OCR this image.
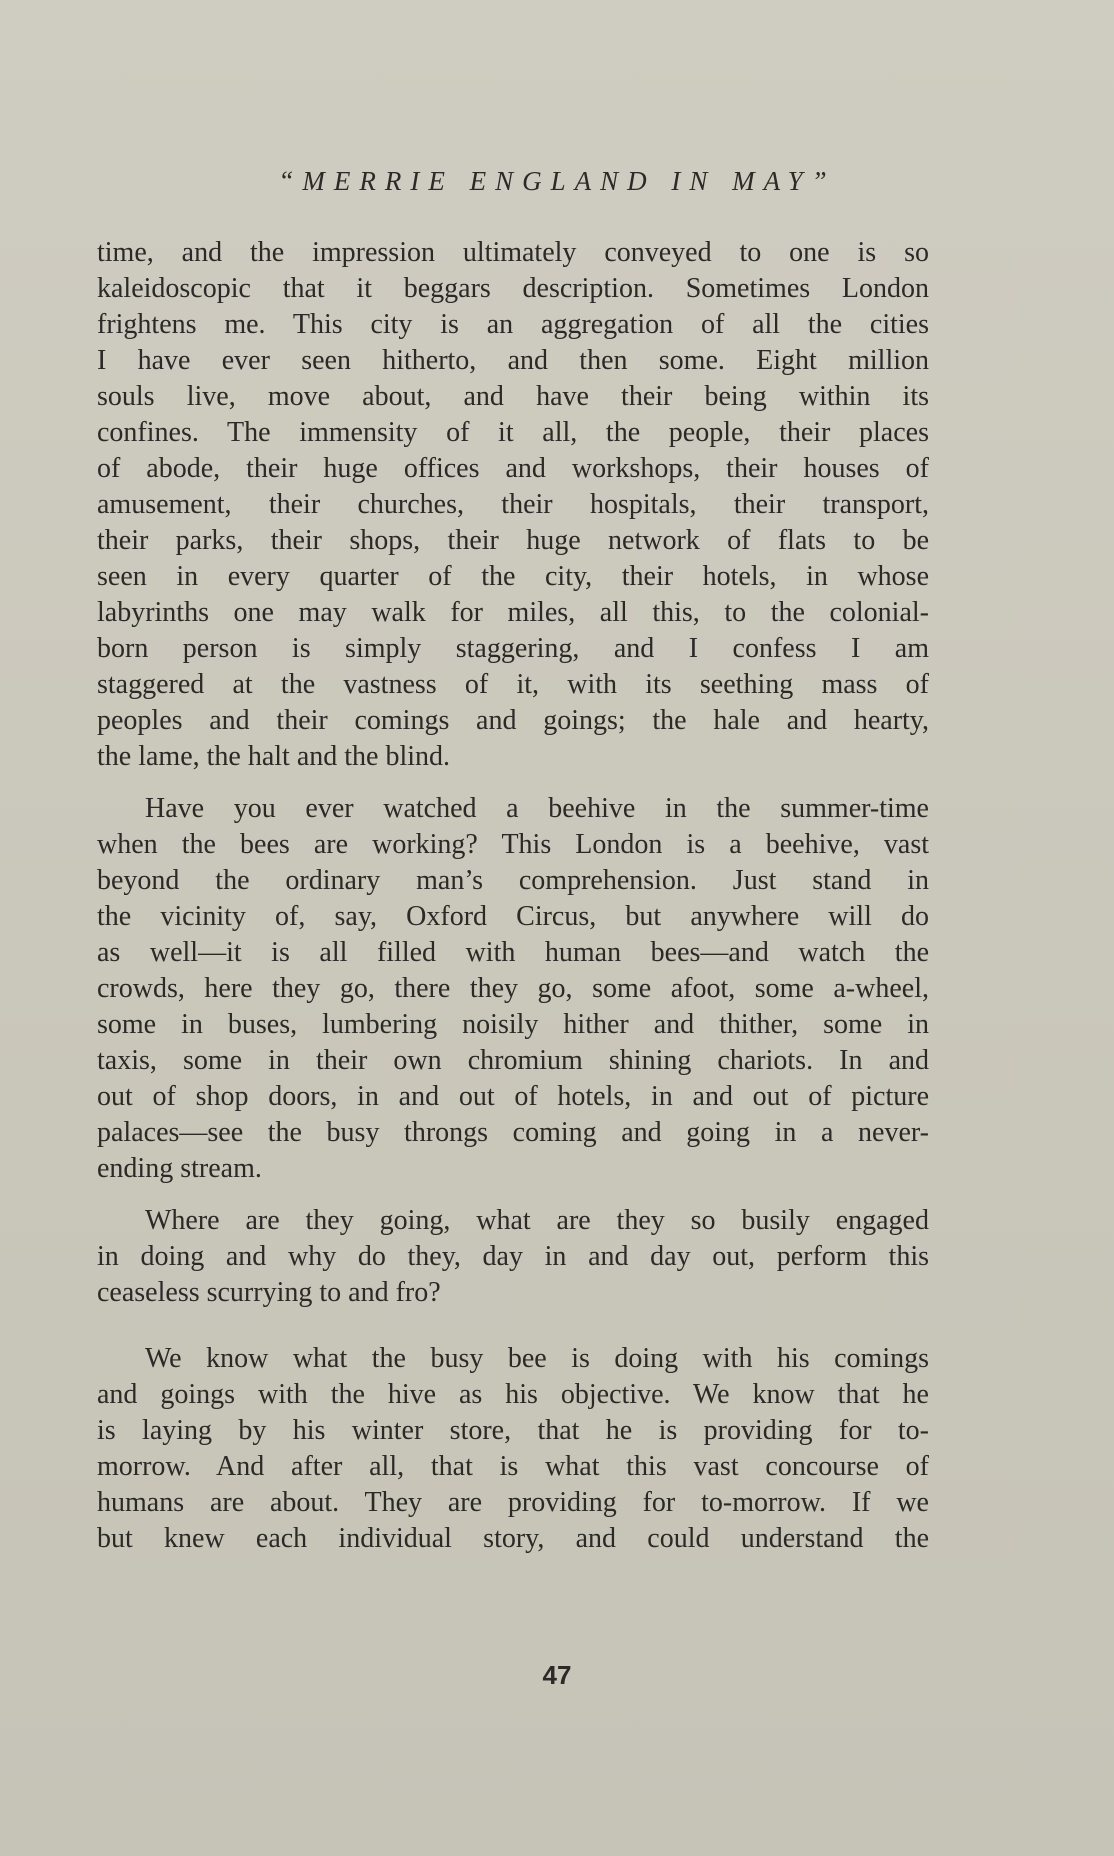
“MERRIE ENGLAND IN MAY”
time, and the impression ultimately conveyed to one is so
kaleidoscopic that it beggars description. Sometimes London
frightens me. This city is an aggregation of all the cities
I have ever seen hitherto, and then some. Eight million
souls live, move about, and have their being within its
confines. The immensity of it all, the people, their places
of abode, their huge offices and workshops, their houses of
amusement, their churches, their hospitals, their transport,
their parks, their shops, their huge network of flats to be
seen in every quarter of the city, their hotels, in whose
labyrinths one may walk for miles, all this, to the colonial-
born person is simply staggering, and I confess I am
staggered at the vastness of it, with its seething mass of
peoples and their comings and goings; the hale and hearty,
the lame, the halt and the blind.
Have you ever watched a beehive in the summer-time
when the bees are working? This London is a beehive, vast
beyond the ordinary man’s comprehension. Just stand in
the vicinity of, say, Oxford Circus, but anywhere will do
as well—it is all filled with human bees—and watch the
crowds, here they go, there they go, some afoot, some a-wheel,
some in buses, lumbering noisily hither and thither, some in
taxis, some in their own chromium shining chariots. In and
out of shop doors, in and out of hotels, in and out of picture
palaces—see the busy throngs coming and going in a never-
ending stream.
Where are they going, what are they so busily engaged
in doing and why do they, day in and day out, perform this
ceaseless scurrying to and fro?
We know what the busy bee is doing with his comings
and goings with the hive as his objective. We know that he
is laying by his winter store, that he is providing for to-
morrow. And after all, that is what this vast concourse of
humans are about. They are providing for to-morrow. If we
but knew each individual story, and could understand the
47
